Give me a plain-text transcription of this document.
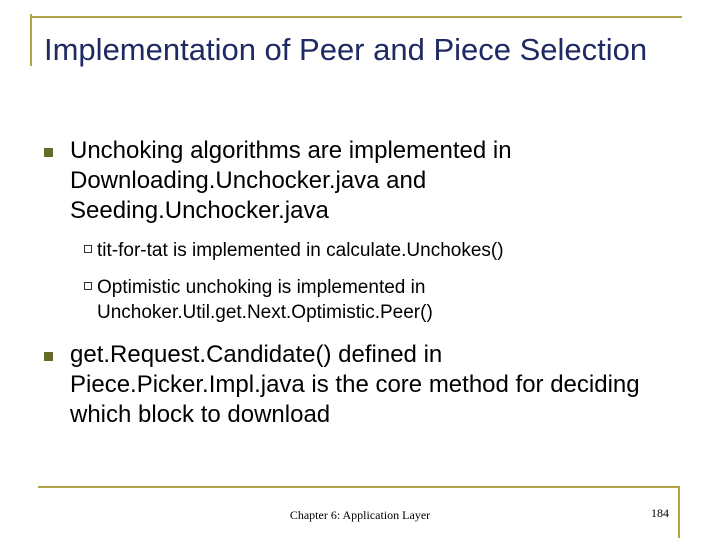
Implementation of Peer and Piece Selection
Unchoking algorithms are implemented in Downloading.Unchocker.java and Seeding.Unchocker.java
tit-for-tat is implemented in calculate.Unchokes()
Optimistic unchoking is implemented in Unchoker.Util.get.Next.Optimistic.Peer()
get.Request.Candidate() defined in Piece.Picker.Impl.java is the core method for deciding which block to download
Chapter 6: Application Layer	184
